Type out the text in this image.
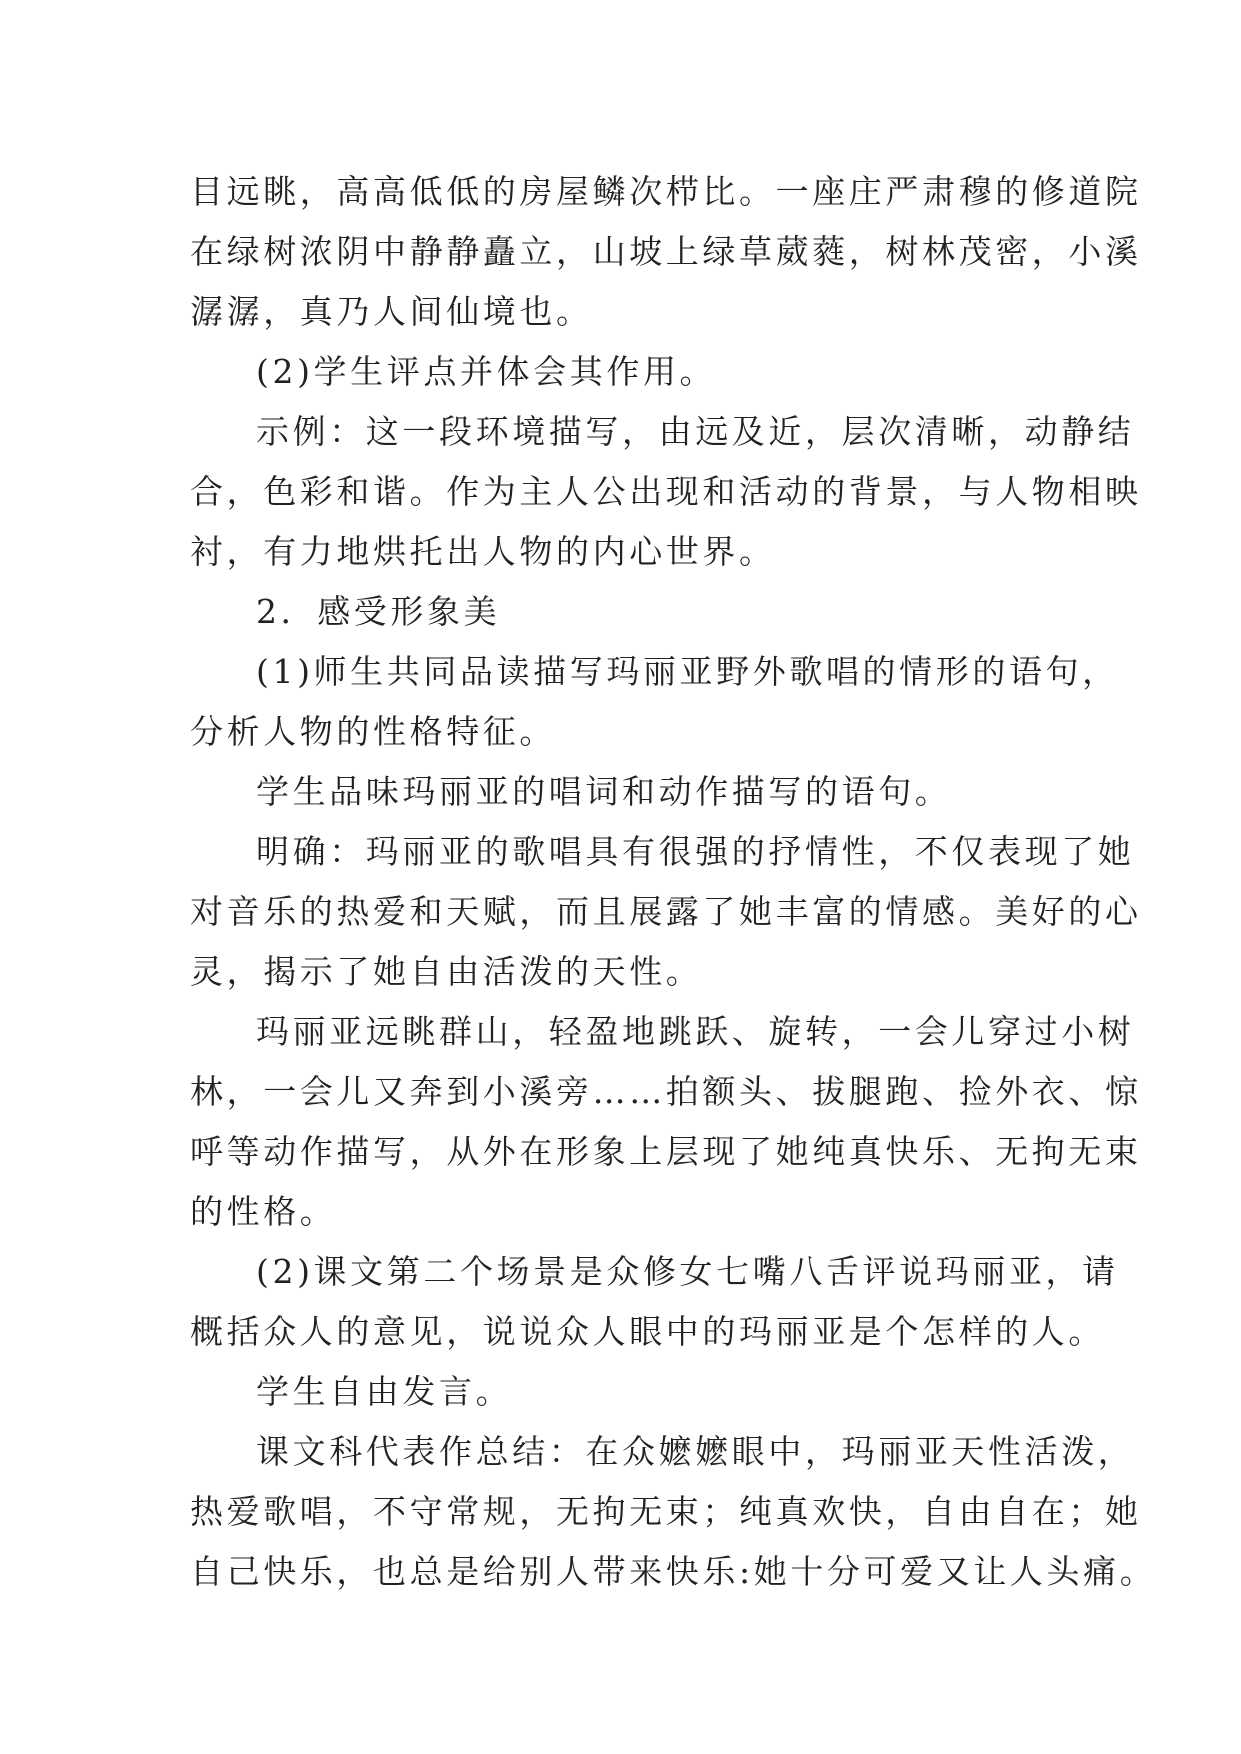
目远眺，高高低低的房屋鳞次栉比。一座庄严肃穆的修道院
在绿树浓阴中静静矗立，山坡上绿草葳蕤，树林茂密，小溪
潺潺，真乃人间仙境也。
(2)学生评点并体会其作用。
示例：这一段环境描写，由远及近，层次清晰，动静结
合，色彩和谐。作为主人公出现和活动的背景，与人物相映
衬，有力地烘托出人物的内心世界。
2．感受形象美
(1)师生共同品读描写玛丽亚野外歌唱的情形的语句，
分析人物的性格特征。
学生品味玛丽亚的唱词和动作描写的语句。
明确：玛丽亚的歌唱具有很强的抒情性，不仅表现了她
对音乐的热爱和天赋，而且展露了她丰富的情感。美好的心
灵，揭示了她自由活泼的天性。
玛丽亚远眺群山，轻盈地跳跃、旋转，一会儿穿过小树
林，一会儿又奔到小溪旁……拍额头、拔腿跑、捡外衣、惊
呼等动作描写，从外在形象上层现了她纯真快乐、无拘无束
的性格。
(2)课文第二个场景是众修女七嘴八舌评说玛丽亚，请
概括众人的意见，说说众人眼中的玛丽亚是个怎样的人。
学生自由发言。
课文科代表作总结：在众嬷嬷眼中，玛丽亚天性活泼，
热爱歌唱，不守常规，无拘无束；纯真欢快，自由自在；她
自己快乐，也总是给别人带来快乐:她十分可爱又让人头痛。
